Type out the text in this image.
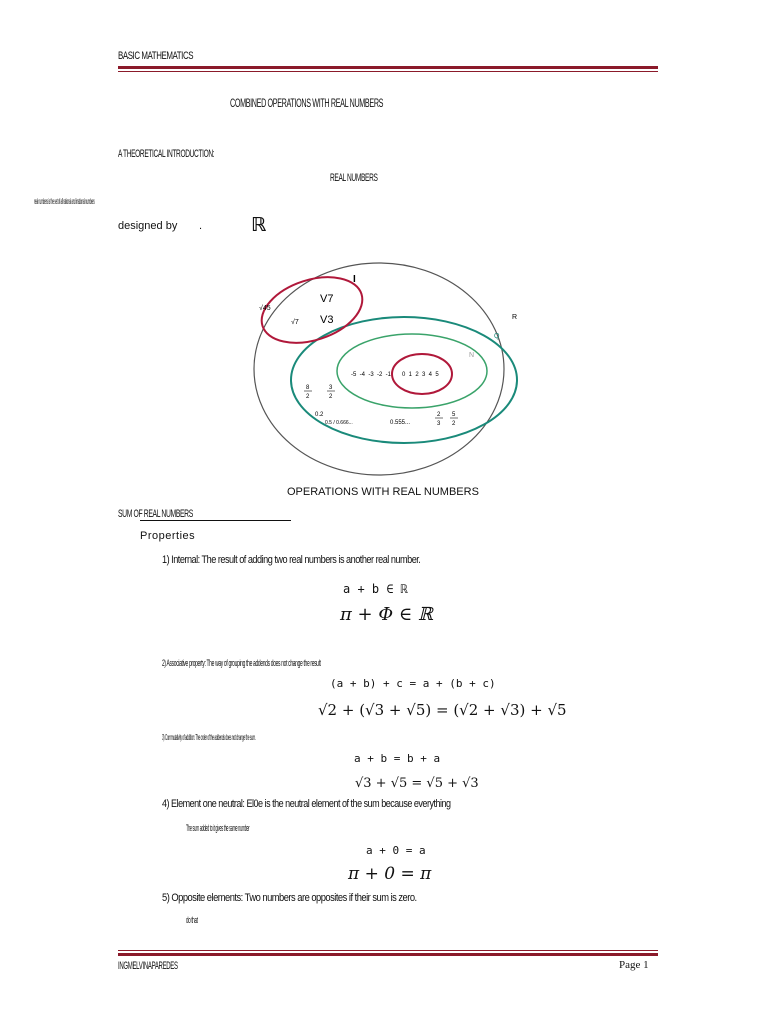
BASIC MATHEMATICS
COMBINED OPERATIONS WITH REAL NUMBERS
A THEORETICAL INTRODUCTION:
REAL NUMBERS
real numbers is the set of all rational and irrational numbers
designed by .	ℝ
I
R
Q
N
√45
√7
V7
V3
-5  -4  -3  -2  -1 0  1  2  3  4  5
8
2
3
2
0.2
0.5 / 0.666...	0.555...
2
3
5
2
OPERATIONS WITH REAL NUMBERS
SUM OF REAL NUMBERS
Properties
1) Internal: The result of adding two real numbers is another real number.
a + b ∈ ℝ
π + Φ ∈ ℝ
2) Associative property: The way of grouping the addends does not change the result
(a + b) + c = a + (b + c)
√2 + (√3 + √5) = (√2 + √3) + √5
3) Commutativity of addition: The order of the addends does not change the sum.
a + b = b + a
√3 + √5 = √5 + √3
4) Element one neutral: El0e is the neutral element of the sum because everything
The sum added to it gives the same number
a + 0 = a
π + 0 = π
5) Opposite elements: Two numbers are opposites if their sum is zero.
do that
INGMELVINAPAREDES	Page 1
